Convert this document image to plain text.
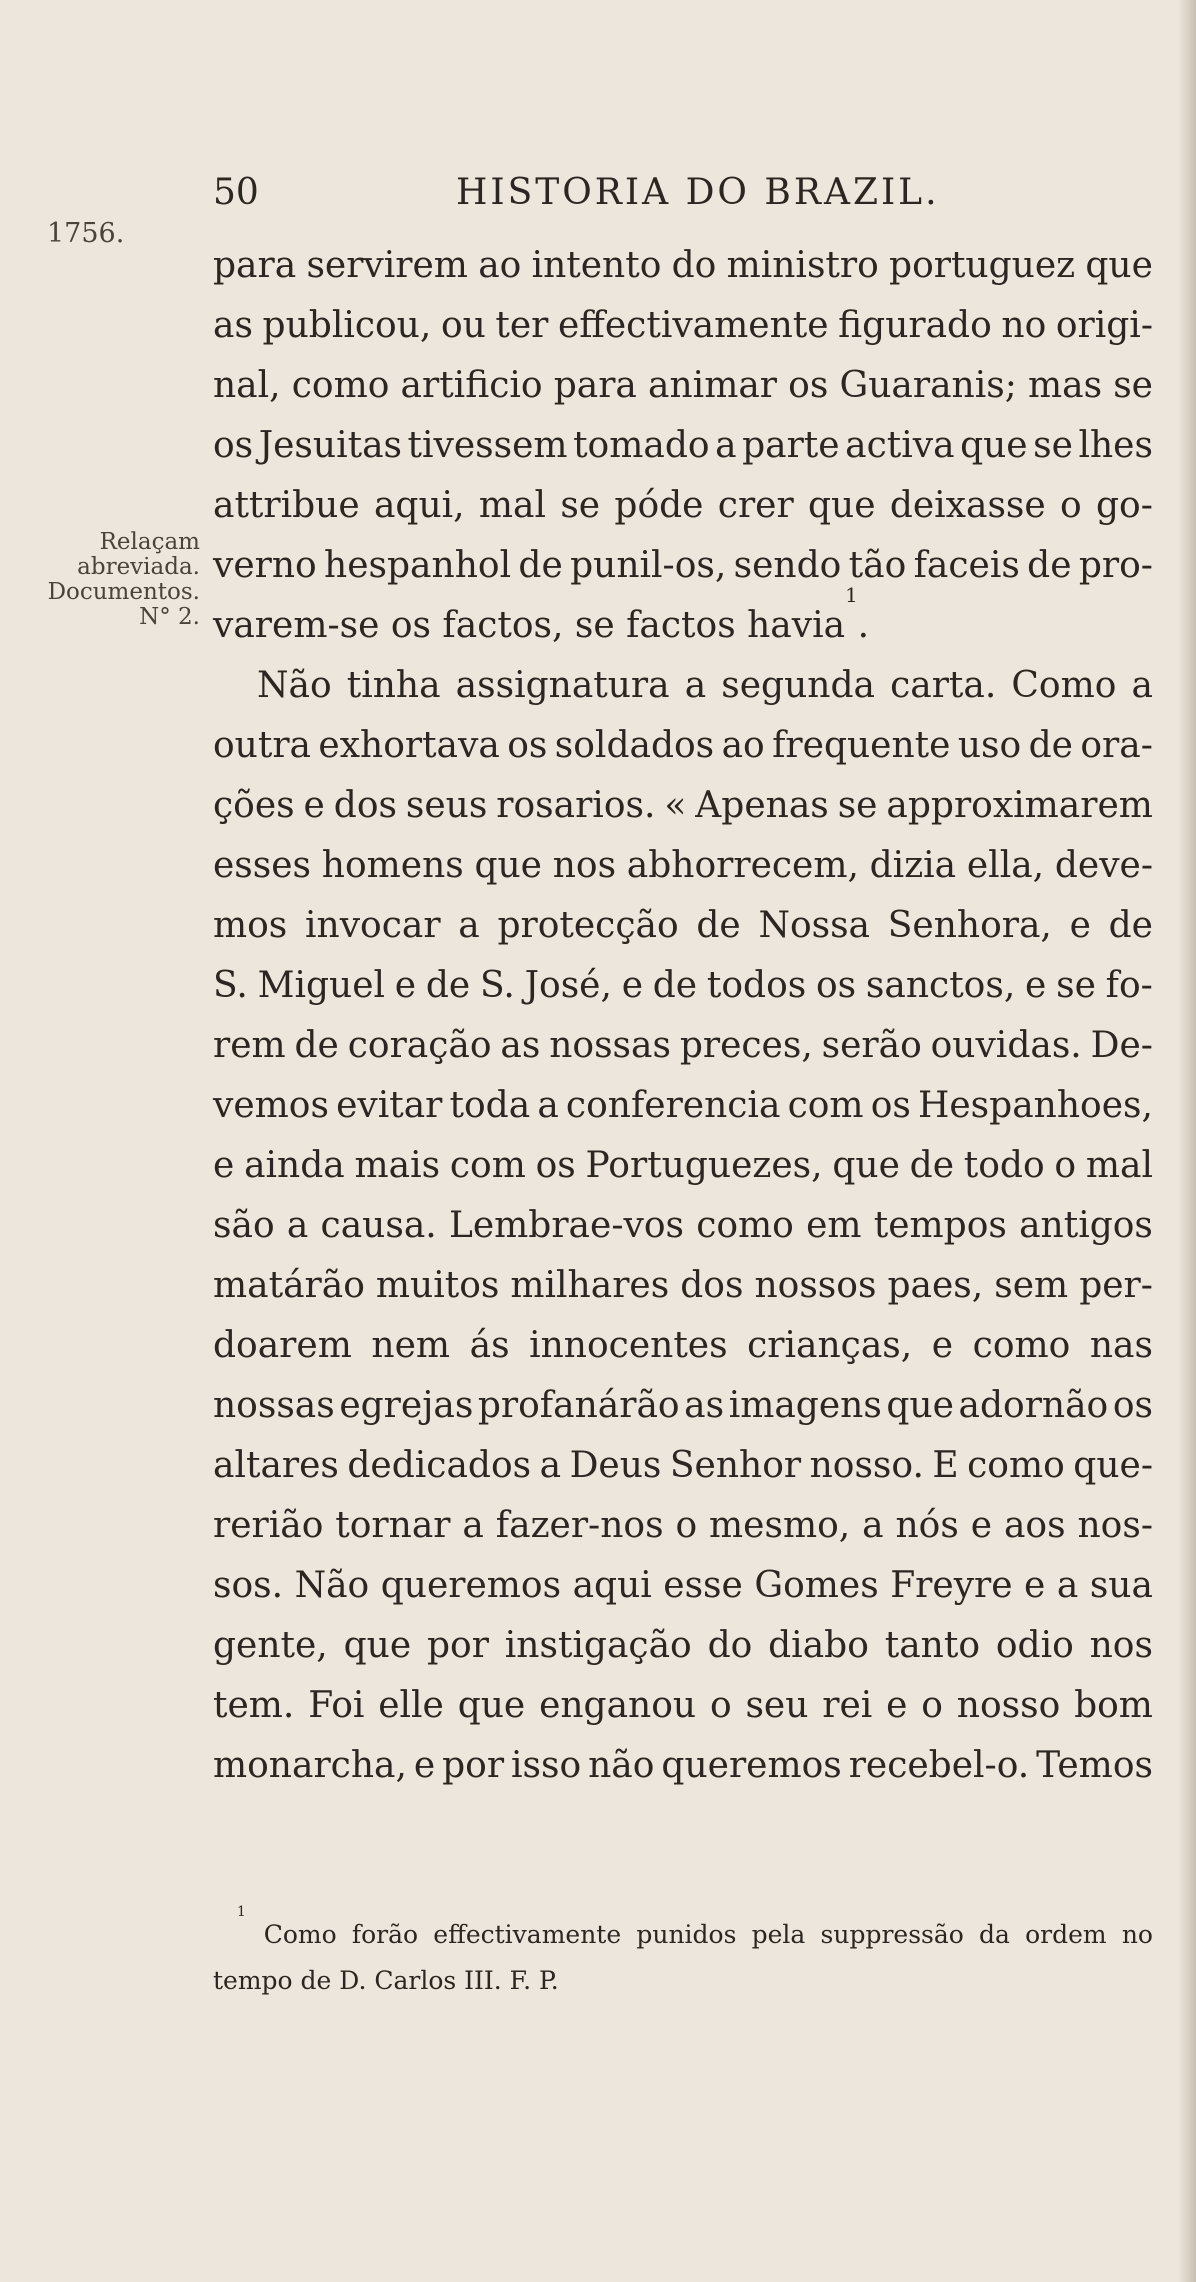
50	HISTORIA DO BRAZIL.
1756.
Relaçam
abreviada.
Documentos.
N° 2.
para servirem ao intento do ministro portuguez que
as publicou, ou ter effectivamente figurado no origi-
nal, como artificio para animar os Guaranis; mas se
os Jesuitas tivessem tomado a parte activa que se lhes
attribue aqui, mal se póde crer que deixasse o go-
verno hespanhol de punil-os, sendo tão faceis de pro-
varem-se os factos, se factos havia
1
.
Não tinha assignatura a segunda carta. Como a
outra exhortava os soldados ao frequente uso de ora-
ções e dos seus rosarios. « Apenas se approximarem
esses homens que nos abhorrecem, dizia ella, deve-
mos invocar a protecção de Nossa Senhora, e de
S. Miguel e de S. José, e de todos os sanctos, e se fo-
rem de coração as nossas preces, serão ouvidas. De-
vemos evitar toda a conferencia com os Hespanhoes,
e ainda mais com os Portuguezes, que de todo o mal
são a causa. Lembrae-vos como em tempos antigos
matárão muitos milhares dos nossos paes, sem per-
doarem nem ás innocentes crianças, e como nas
nossas egrejas profanárão as imagens que adornão os
altares dedicados a Deus Senhor nosso. E como que-
rerião tornar a fazer-nos o mesmo, a nós e aos nos-
sos. Não queremos aqui esse Gomes Freyre e a sua
gente, que por instigação do diabo tanto odio nos
tem. Foi elle que enganou o seu rei e o nosso bom
monarcha, e por isso não queremos recebel-o. Temos
1
Como forão effectivamente punidos pela suppressão da ordem no
tempo de D. Carlos III. F. P.
